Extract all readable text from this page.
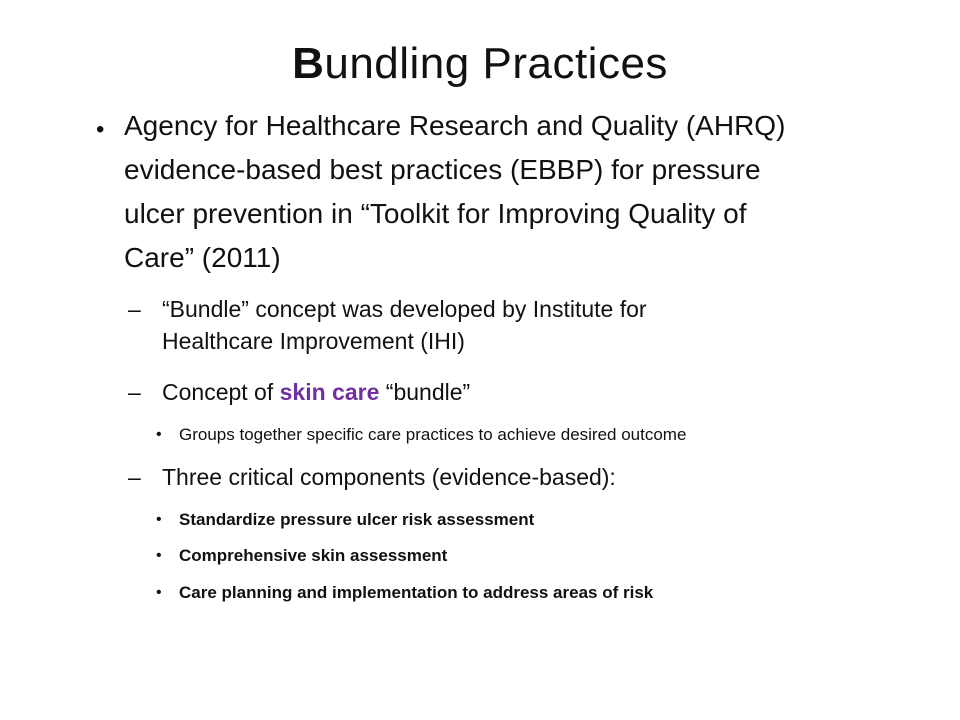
Bundling Practices
• Agency for Healthcare Research and Quality (AHRQ)
evidence-based best practices (EBBP) for pressure
ulcer prevention in “Toolkit for Improving Quality of
Care” (2011)
– “Bundle” concept was developed by Institute for
Healthcare Improvement (IHI)
– Concept of skin care “bundle”
• Groups together specific care practices to achieve desired outcome
– Three critical components (evidence-based):
• Standardize pressure ulcer risk assessment
• Comprehensive skin assessment
• Care planning and implementation to address areas of risk
